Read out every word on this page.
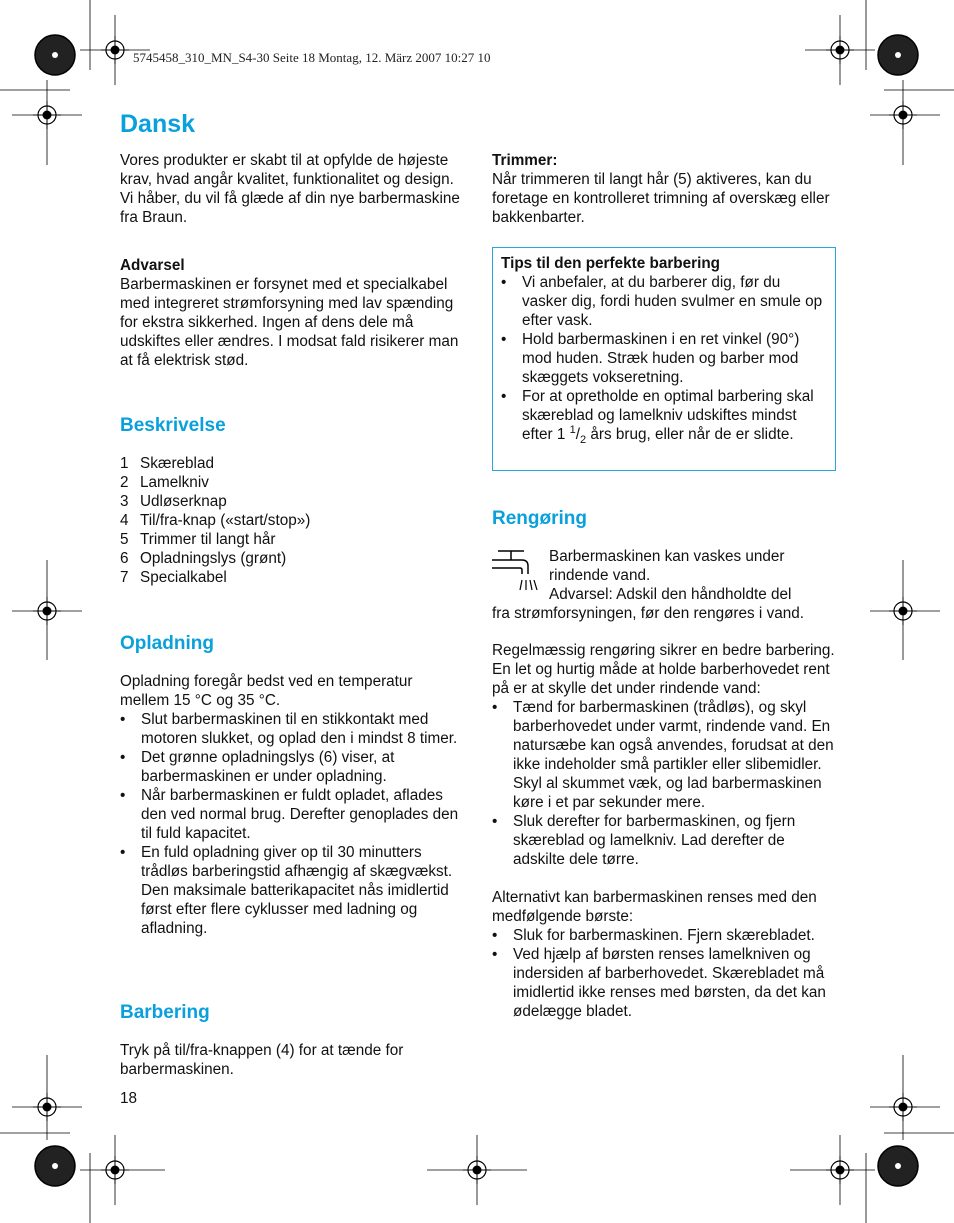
5745458_310_MN_S4-30 Seite 18 Montag, 12. März 2007 10:27 10
Dansk

Vores produkter er skabt til at opfylde de højeste krav, hvad angår kvalitet, funktionalitet og design. Vi håber, du vil få glæde af din nye barbermaskine fra Braun.

Advarsel

Barbermaskinen er forsynet med et specialkabel med integreret strømforsyning med lav spænding for ekstra sikkerhed. Ingen af dens dele må udskiftes eller ændres. I modsat fald risikerer man at få elektrisk stød.

Beskrivelse
1 Skæreblad
2 Lamelkniv
3 Udløserknap
4 Til/fra-knap («start/stop»)
5 Trimmer til langt hår
6 Opladningslys (grønt)
7 Specialkabel
Opladning

Opladning foregår bedst ved en temperatur mellem 15 °C og 35 °C.

• Slut barbermaskinen til en stikkontakt med motoren slukket, og oplad den i mindst 8 timer.
• Det grønne opladningslys (6) viser, at barbermaskinen er under opladning.
• Når barbermaskinen er fuldt opladet, aflades den ved normal brug. Derefter genoplades den til fuld kapacitet.
• En fuld opladning giver op til 30 minutters trådløs barberingstid afhængig af skægvækst. Den maksimale batterikapacitet nås imidlertid først efter flere cyklusser med ladning og afladning.
Barbering

Tryk på til/fra-knappen (4) for at tænde for barbermaskinen.

18

Trimmer:

Når trimmeren til langt hår (5) aktiveres, kan du foretage en kontrolleret trimning af overskæg eller bakkenbarter.

Tips til den perfekte barbering

• Vi anbefaler, at du barberer dig, før du vasker dig, fordi huden svulmer en smule op efter vask.
• Hold barbermaskinen i en ret vinkel (90°) mod huden. Stræk huden og barber mod skæggets vokseretning.
• For at opretholde en optimal barbering skal skæreblad og lamelkniv udskiftes mindst efter 1 $^1/_2$ års brug, eller når de er slidte.
Rengøring

Barbermaskinen kan vaskes under

rindende vand.

Advarsel: Adskil den håndholdte del

fra strømforsyningen, før den rengøres i vand.

Regelmæssig rengøring sikrer en bedre barbering. En let og hurtig måde at holde barberhovedet rent på er at skylle det under rindende vand:

• Tænd for barbermaskinen (trådløs), og skyl barberhovedet under varmt, rindende vand. En natursæbe kan også anvendes, forudsat at den ikke indeholder små partikler eller slibemidler. Skyl al skummet væk, og lad barbermaskinen køre i et par sekunder mere.
• Sluk derefter for barbermaskinen, og fjern skæreblad og lamelkniv. Lad derefter de adskilte dele tørre.

Alternativt kan barbermaskinen renses med den medfølgende børste:

• Sluk for barbermaskinen. Fjern skærebladet.
• Ved hjælp af børsten renses lamelkniven og indersiden af barberhovedet. Skærebladet må imidlertid ikke renses med børsten, da det kan ødelægge bladet.
